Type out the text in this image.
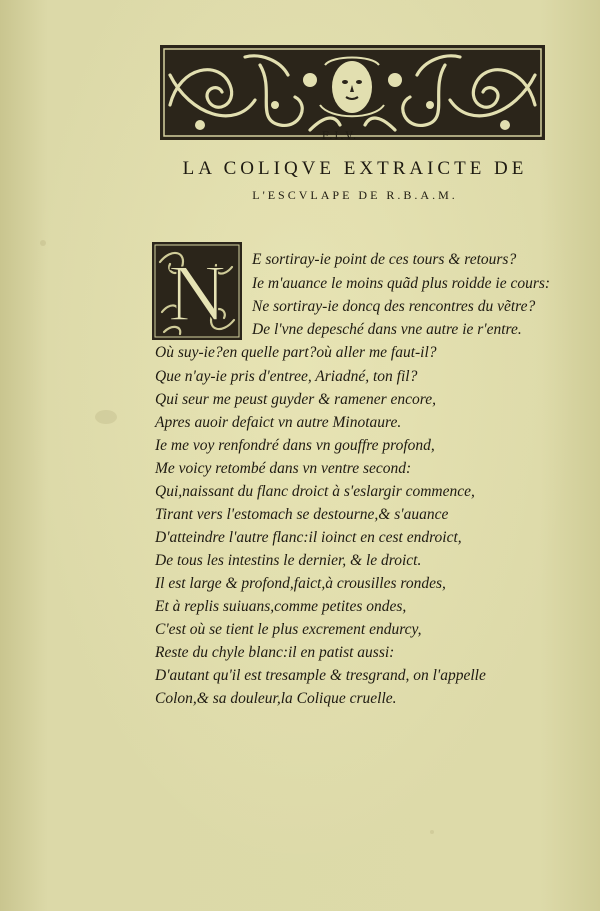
F.I.V.
LA COLIQVE EXTRAICTE DE
L'ESCVLAPE DE R.B.A.M.
N E sortiray-ie point de ces tours & retours?
Ie m'auance le moins quãd plus roidde ie cours:
Ne sortiray-ie doncq des rencontres du vẽtre?
De l'vne depesché dans vne autre ie r'entre.
Où suy-ie?en quelle part?où aller me faut-il?
Que n'ay-ie pris d'entree, Ariadné, ton fil?
Qui seur me peust guyder & ramener encore,
Apres auoir defaict vn autre Minotaure.
Ie me voy renfondré dans vn gouffre profond,
Me voicy retombé dans vn ventre second:
Qui,naissant du flanc droict à s'eslargir commence,
Tirant vers l'estomach se destourne,& s'auance
D'atteindre l'autre flanc:il ioinct en cest endroict,
De tous les intestins le dernier, & le droict.
Il est large & profond,faict,à crousilles rondes,
Et à replis suiuans,comme petites ondes,
C'est où se tient le plus excrement endurcy,
Reste du chyle blanc:il en patist aussi:
D'autant qu'il est tresample & tresgrand, on l'appelle
Colon,& sa douleur,la Colique cruelle.
